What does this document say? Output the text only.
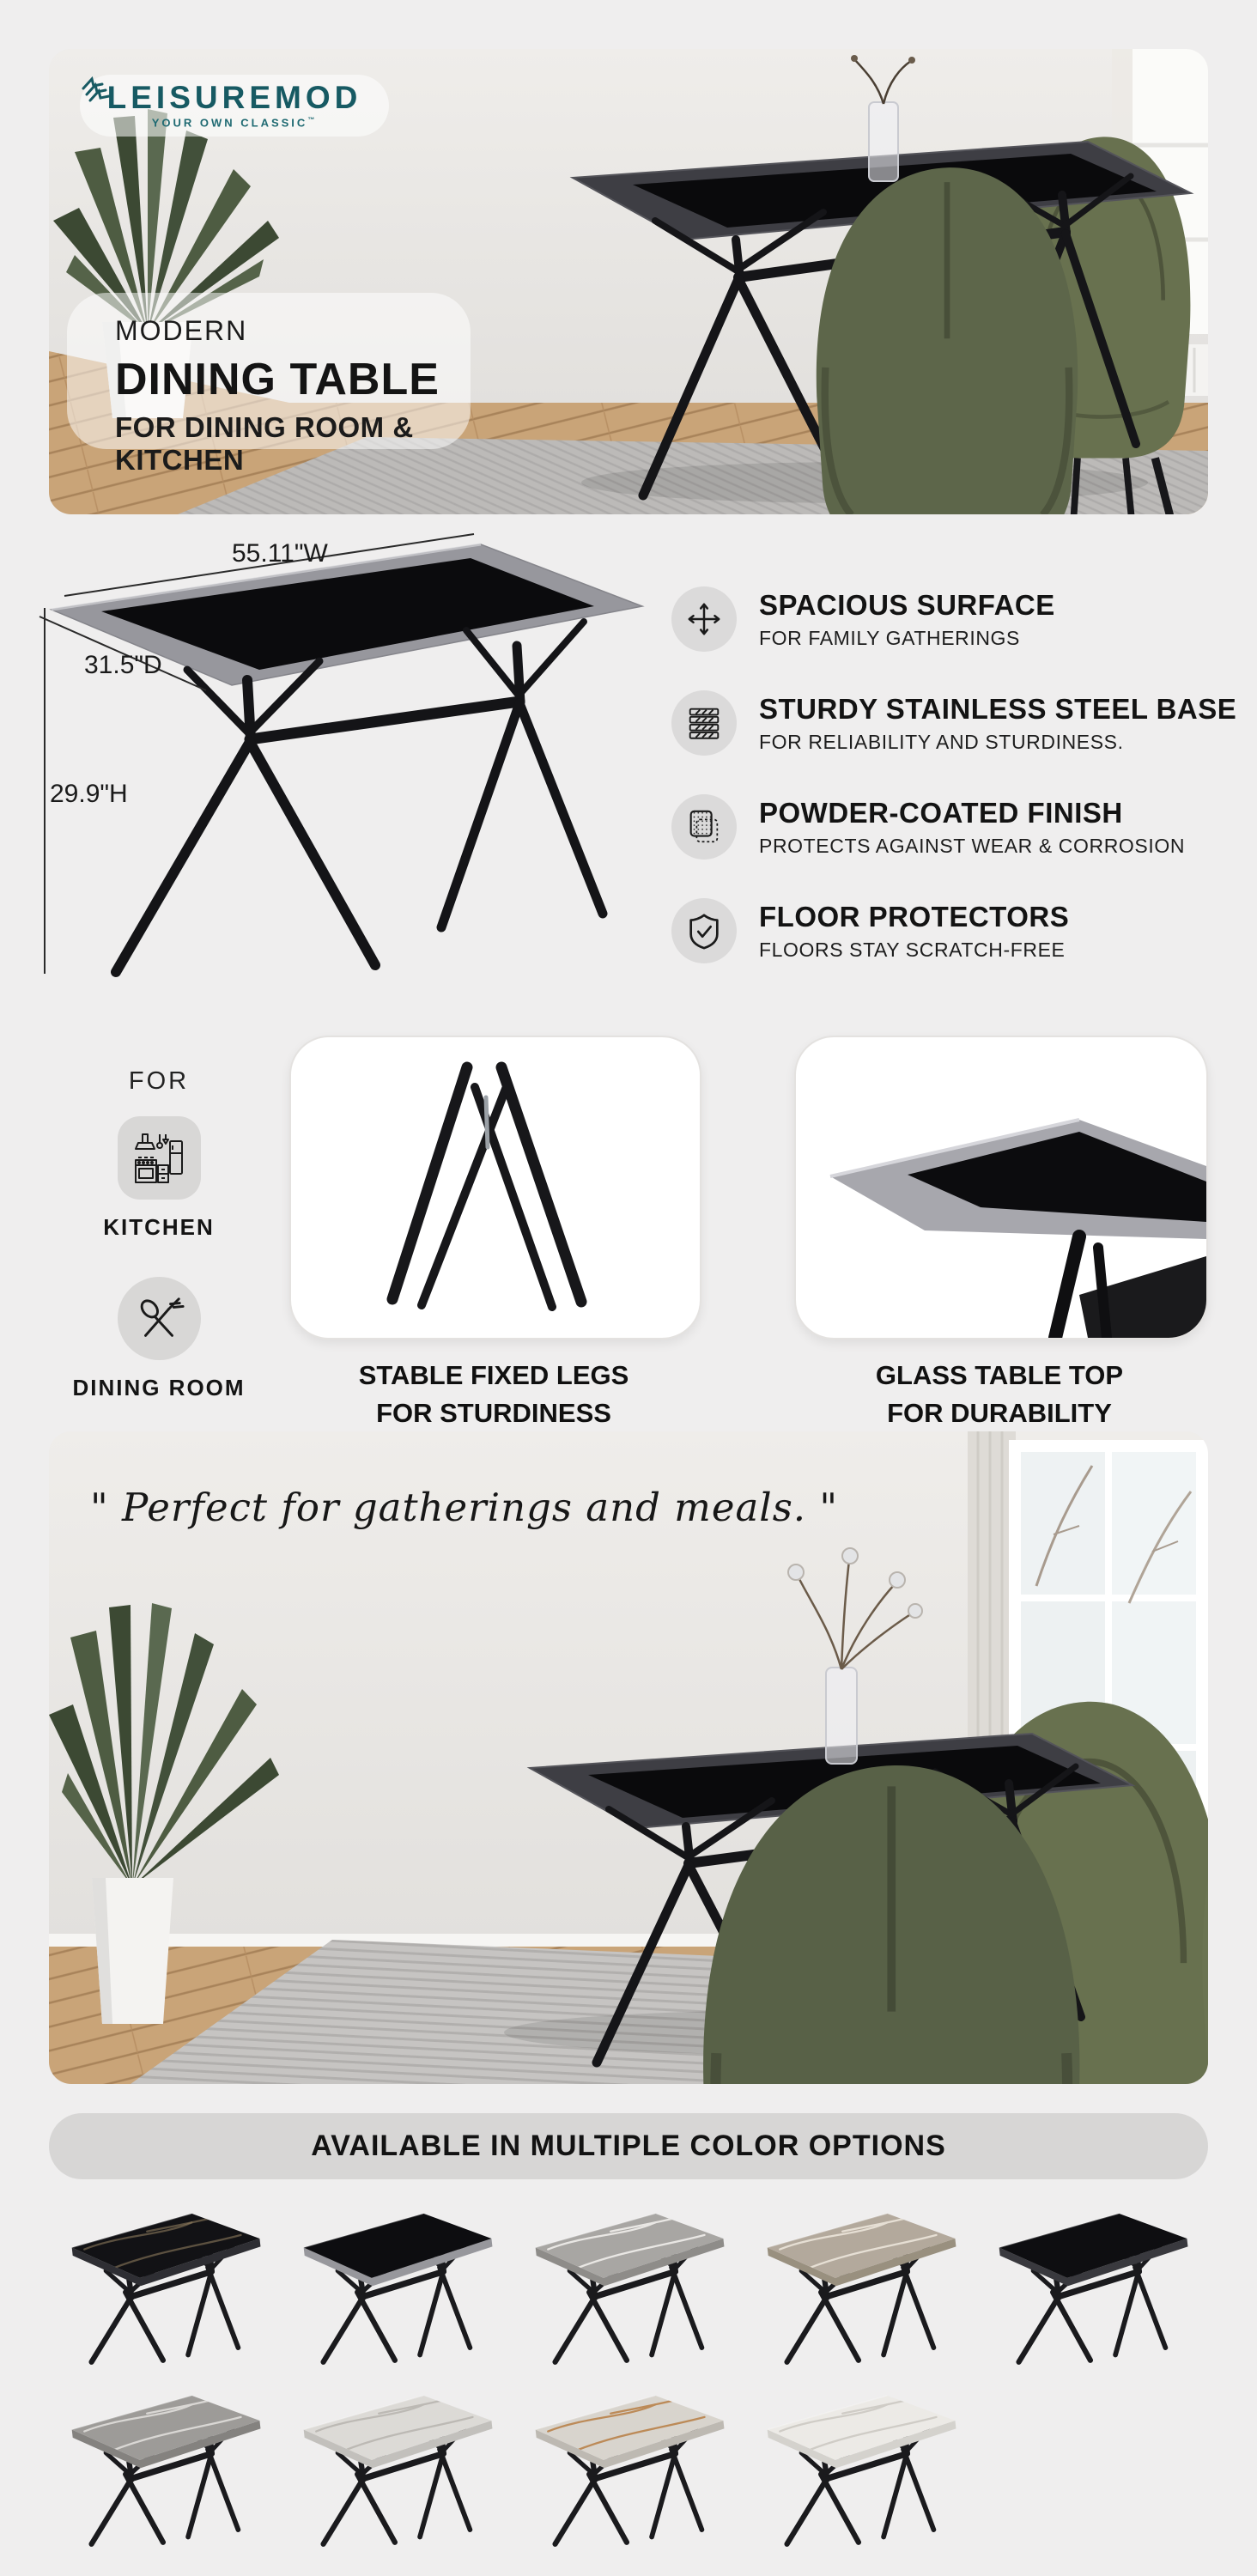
LEISUREMOD
YOUR OWN CLASSIC™
MODERN
DINING TABLE
FOR DINING ROOM & KITCHEN
55.11"W
31.5"D
29.9"H
SPACIOUS SURFACE
FOR FAMILY GATHERINGS
STURDY STAINLESS STEEL BASE
FOR RELIABILITY AND STURDINESS.
POWDER-COATED FINISH
PROTECTS AGAINST WEAR & CORROSION
FLOOR PROTECTORS
FLOORS STAY SCRATCH-FREE
FOR
KITCHEN
DINING ROOM	STABLE FIXED LEGS
FOR STURDINESS
GLASS TABLE TOP
FOR DURABILITY
" Perfect for gatherings and meals. "
AVAILABLE IN MULTIPLE COLOR OPTIONS
